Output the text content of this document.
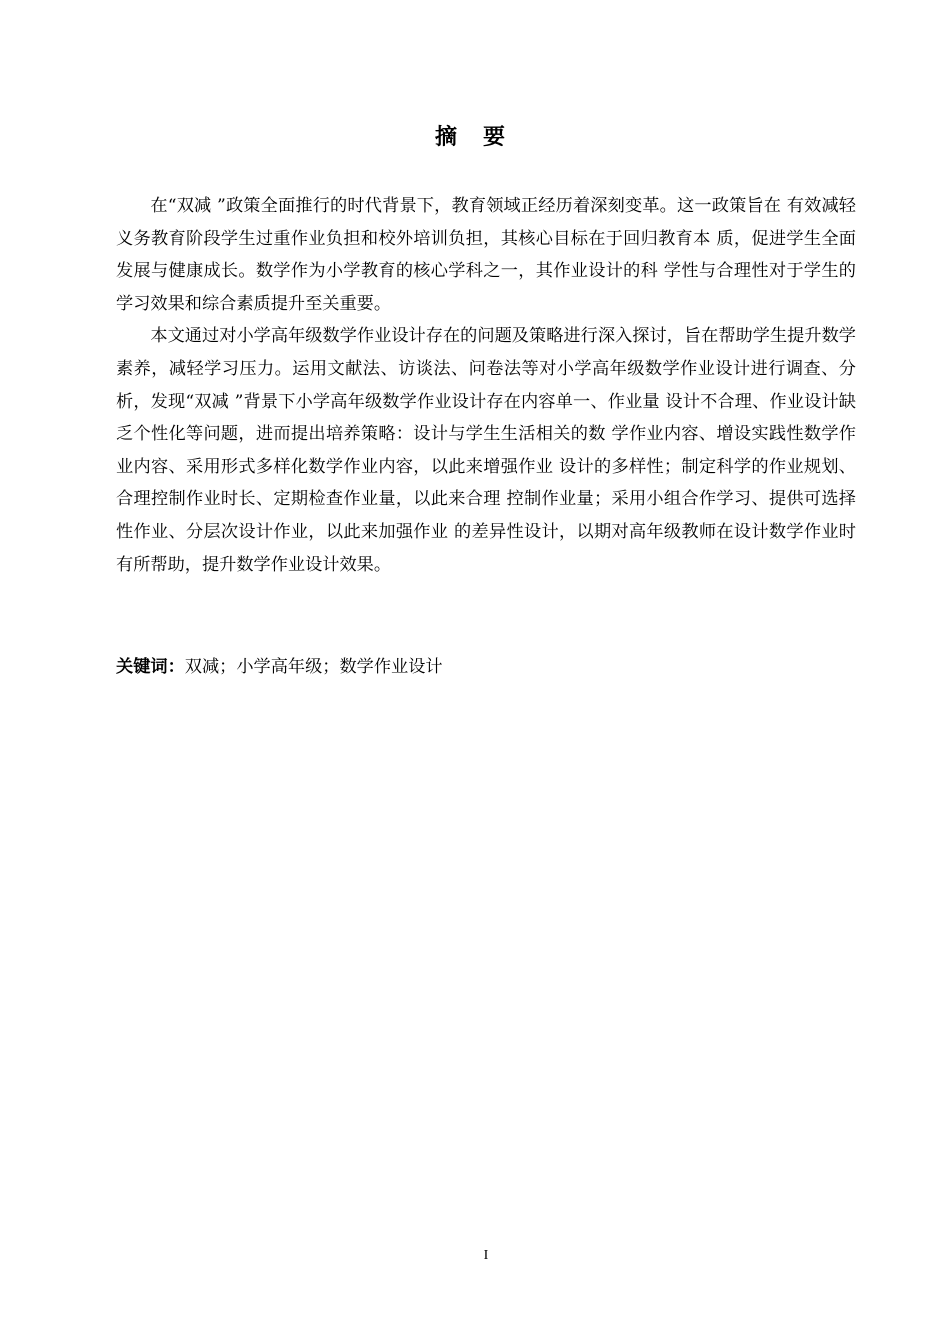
摘要

在“双减 ”政策全面推行的时代背景下，教育领域正经历着深刻变革。这一政策旨在 有效减轻义务教育阶段学生过重作业负担和校外培训负担，其核心目标在于回归教育本 质，促进学生全面发展与健康成长。数学作为小学教育的核心学科之一，其作业设计的科 学性与合理性对于学生的学习效果和综合素质提升至关重要。

本文通过对小学高年级数学作业设计存在的问题及策略进行深入探讨，旨在帮助学生提升数学素养，减轻学习压力。运用文献法、访谈法、问卷法等对小学高年级数学作业设计进行调查、分析，发现“双减 ”背景下小学高年级数学作业设计存在内容单一、作业量 设计不合理、作业设计缺乏个性化等问题，进而提出培养策略：设计与学生生活相关的数 学作业内容、增设实践性数学作业内容、采用形式多样化数学作业内容，以此来增强作业 设计的多样性；制定科学的作业规划、合理控制作业时长、定期检查作业量，以此来合理 控制作业量；采用小组合作学习、提供可选择性作业、分层次设计作业，以此来加强作业 的差异性设计，以期对高年级教师在设计数学作业时有所帮助，提升数学作业设计效果。

关键词：双减；小学高年级；数学作业设计
I
